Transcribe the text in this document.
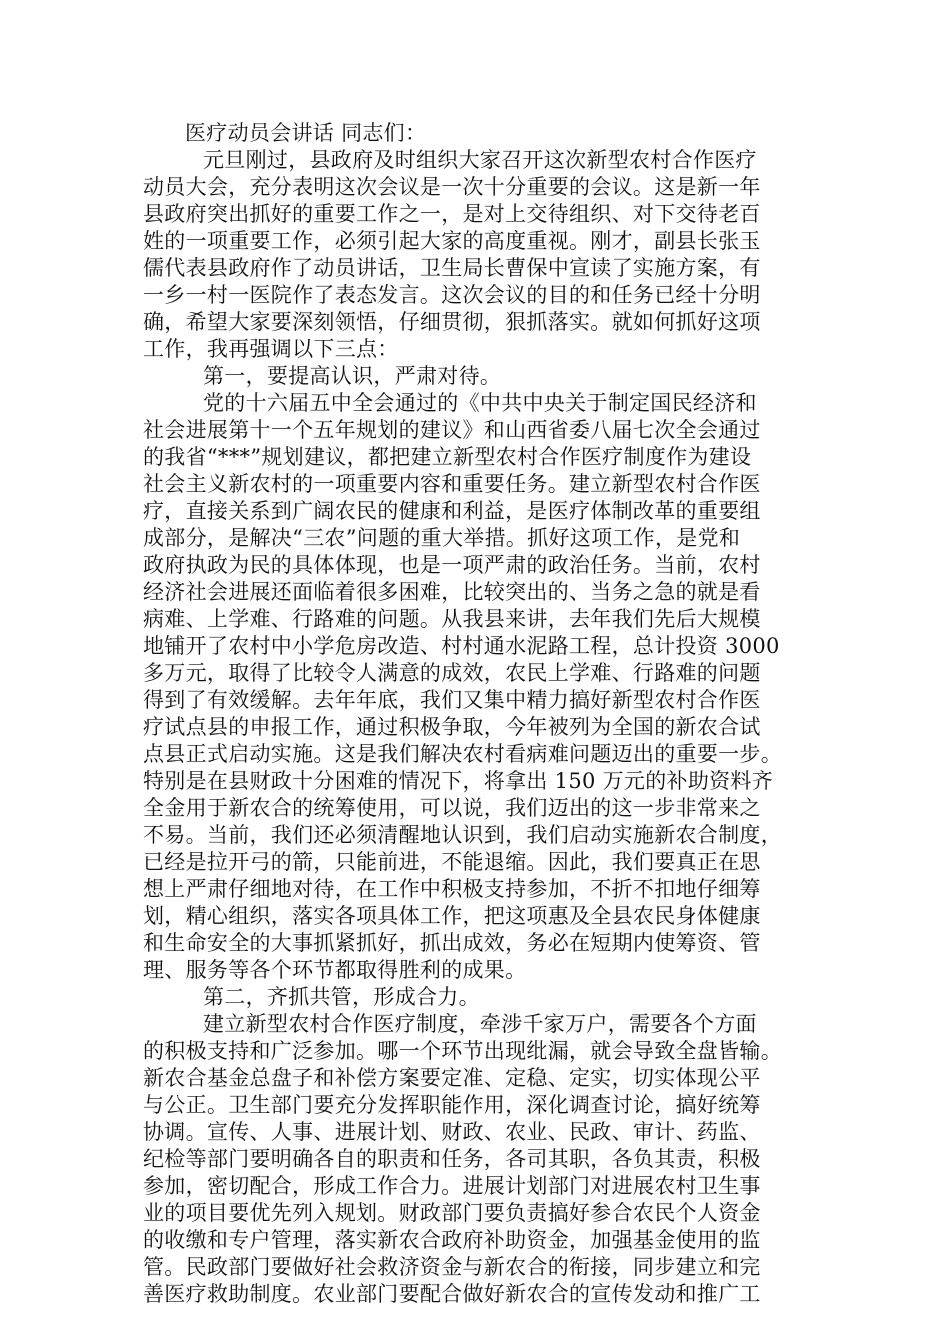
医疗动员会讲话 同志们：
元旦刚过，县政府及时组织大家召开这次新型农村合作医疗
动员大会，充分表明这次会议是一次十分重要的会议。这是新一年
县政府突出抓好的重要工作之一，是对上交待组织、对下交待老百
姓的一项重要工作，必须引起大家的高度重视。刚才，副县长张玉
儒代表县政府作了动员讲话，卫生局长曹保中宣读了实施方案，有
一乡一村一医院作了表态发言。这次会议的目的和任务已经十分明
确，希望大家要深刻领悟，仔细贯彻，狠抓落实。就如何抓好这项
工作，我再强调以下三点：
第一，要提高认识，严肃对待。
党的十六届五中全会通过的《中共中央关于制定国民经济和
社会进展第十一个五年规划的建议》和山西省委八届七次全会通过
的我省“***”规划建议，都把建立新型农村合作医疗制度作为建设
社会主义新农村的一项重要内容和重要任务。建立新型农村合作医
疗，直接关系到广阔农民的健康和利益，是医疗体制改革的重要组
成部分，是解决“三农”问题的重大举措。抓好这项工作，是党和
政府执政为民的具体体现，也是一项严肃的政治任务。当前，农村
经济社会进展还面临着很多困难，比较突出的、当务之急的就是看
病难、上学难、行路难的问题。从我县来讲，去年我们先后大规模
地铺开了农村中小学危房改造、村村通水泥路工程，总计投资 3000
多万元，取得了比较令人满意的成效，农民上学难、行路难的问题
得到了有效缓解。去年年底，我们又集中精力搞好新型农村合作医
疗试点县的申报工作，通过积极争取，今年被列为全国的新农合试
点县正式启动实施。这是我们解决农村看病难问题迈出的重要一步。
特别是在县财政十分困难的情况下，将拿出 150 万元的补助资料齐
全金用于新农合的统筹使用，可以说，我们迈出的这一步非常来之
不易。当前，我们还必须清醒地认识到，我们启动实施新农合制度，
已经是拉开弓的箭，只能前进，不能退缩。因此，我们要真正在思
想上严肃仔细地对待，在工作中积极支持参加，不折不扣地仔细筹
划，精心组织，落实各项具体工作，把这项惠及全县农民身体健康
和生命安全的大事抓紧抓好，抓出成效，务必在短期内使筹资、管
理、服务等各个环节都取得胜利的成果。
第二，齐抓共管，形成合力。
建立新型农村合作医疗制度，牵涉千家万户，需要各个方面
的积极支持和广泛参加。哪一个环节出现纰漏，就会导致全盘皆输。
新农合基金总盘子和补偿方案要定准、定稳、定实，切实体现公平
与公正。卫生部门要充分发挥职能作用，深化调查讨论，搞好统筹
协调。宣传、人事、进展计划、财政、农业、民政、审计、药监、
纪检等部门要明确各自的职责和任务，各司其职，各负其责，积极
参加，密切配合，形成工作合力。进展计划部门对进展农村卫生事
业的项目要优先列入规划。财政部门要负责搞好参合农民个人资金
的收缴和专户管理，落实新农合政府补助资金，加强基金使用的监
管。民政部门要做好社会救济资金与新农合的衔接，同步建立和完
善医疗救助制度。农业部门要配合做好新农合的宣传发动和推广工
